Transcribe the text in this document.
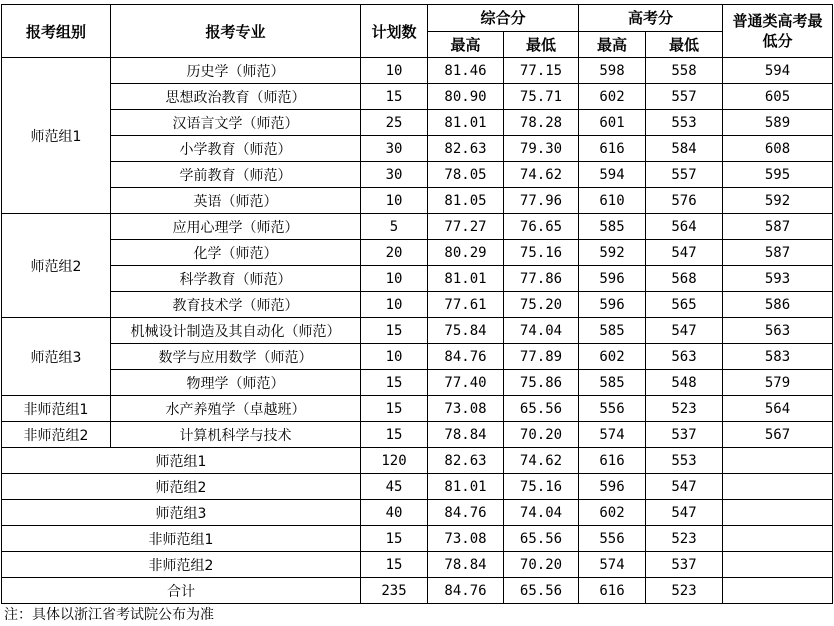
报考组别	报考专业	计划数	综合分		高考分		普通类高考最低分
			最高	最低	最高	最低	
师范组1	历史学（师范）	10	81.46	77.15	598	558	594
	思想政治教育（师范）	15	80.90	75.71	602	557	605
	汉语言文学（师范）	25	81.01	78.28	601	553	589
	小学教育（师范）	30	82.63	79.30	616	584	608
	学前教育（师范）	30	78.05	74.62	594	557	595
	英语（师范）	10	81.05	77.96	610	576	592
师范组2	应用心理学（师范）	5	77.27	76.65	585	564	587
	化学（师范）	20	80.29	75.16	592	547	587
	科学教育（师范）	10	81.01	77.86	596	568	593
	教育技术学（师范）	10	77.61	75.20	596	565	586
师范组3	机械设计制造及其自动化（师范）	15	75.84	74.04	585	547	563
	数学与应用数学（师范）	10	84.76	77.89	602	563	583
	物理学（师范）	15	77.40	75.86	585	548	579
非师范组1	水产养殖学（卓越班）	15	73.08	65.56	556	523	564
非师范组2	计算机科学与技术	15	78.84	70.20	574	537	567
师范组1		120	82.63	74.62	616	553	
师范组2		45	81.01	75.16	596	547	
师范组3		40	84.76	74.04	602	547	
非师范组1		15	73.08	65.56	556	523	
非师范组2		15	78.84	70.20	574	537	
合计		235	84.76	65.56	616	523	
注：具体以浙江省考试院公布为准
